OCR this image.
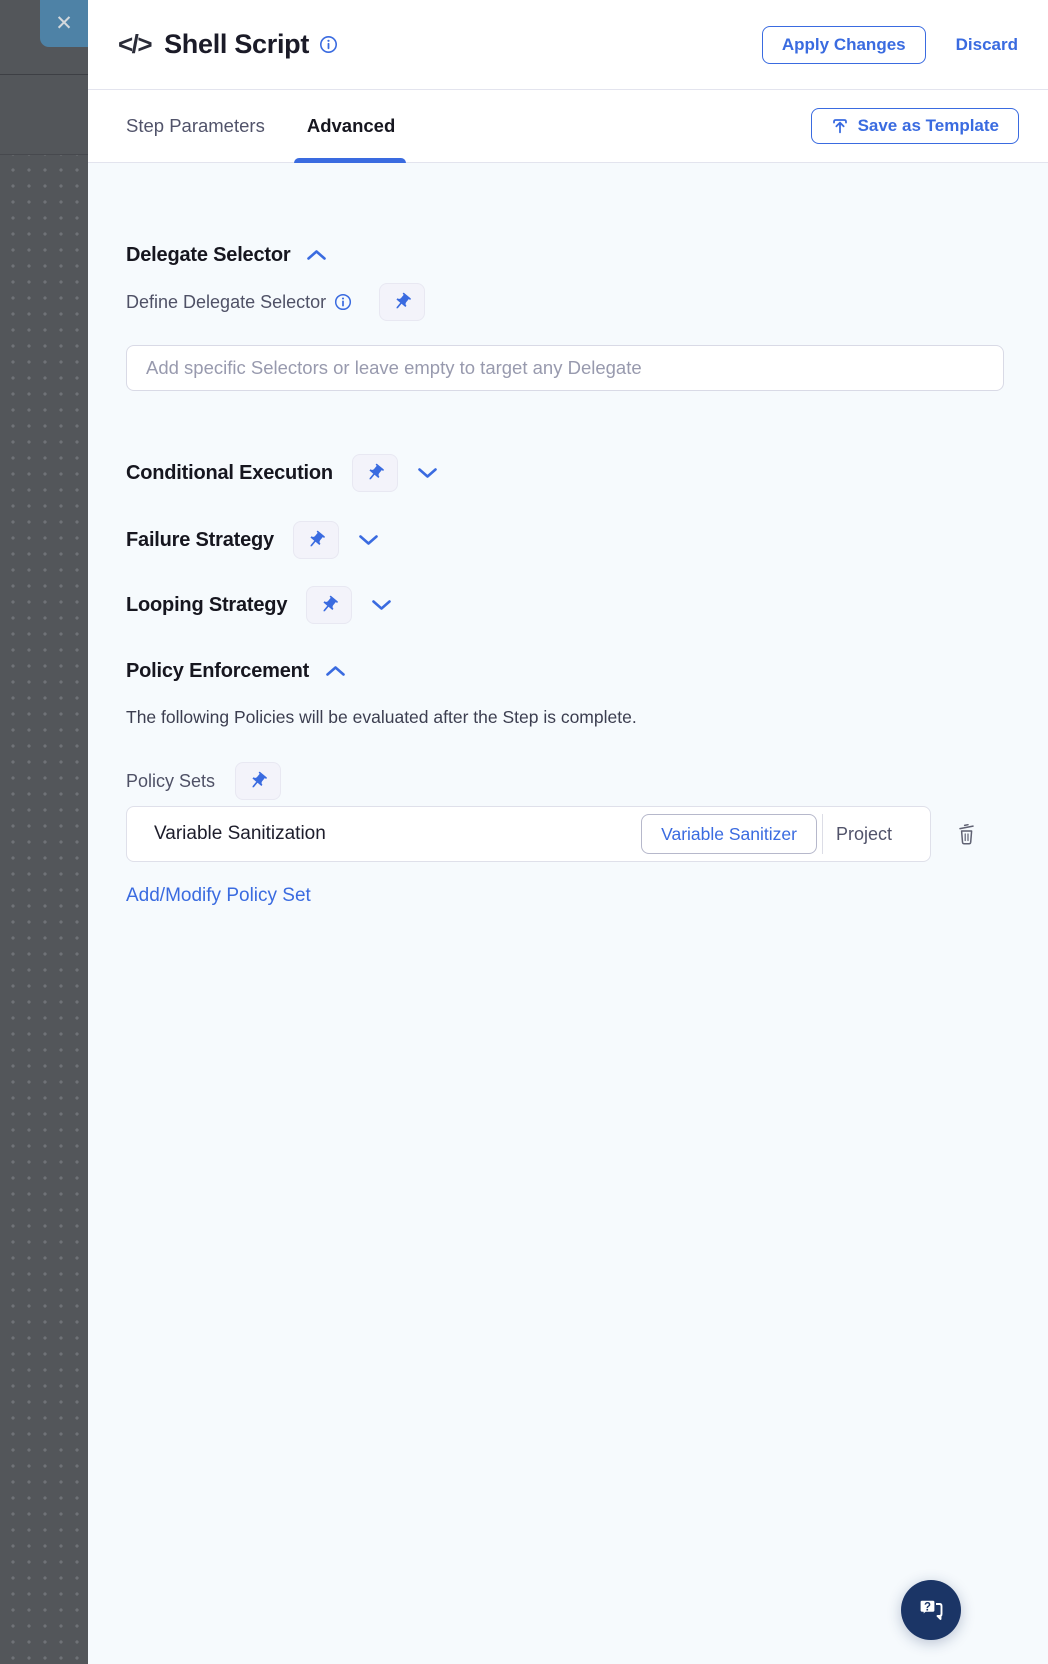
✕
</> Shell Script	Apply Changes	Discard
Step Parameters Advanced	Save as Template
Delegate Selector
Define Delegate Selector
Add specific Selectors or leave empty to target any Delegate
Conditional Execution
Failure Strategy
Looping Strategy
Policy Enforcement
The following Policies will be evaluated after the Step is complete.
Policy Sets
Variable Sanitization	Variable Sanitizer	Project
Add/Modify Policy Set
?
